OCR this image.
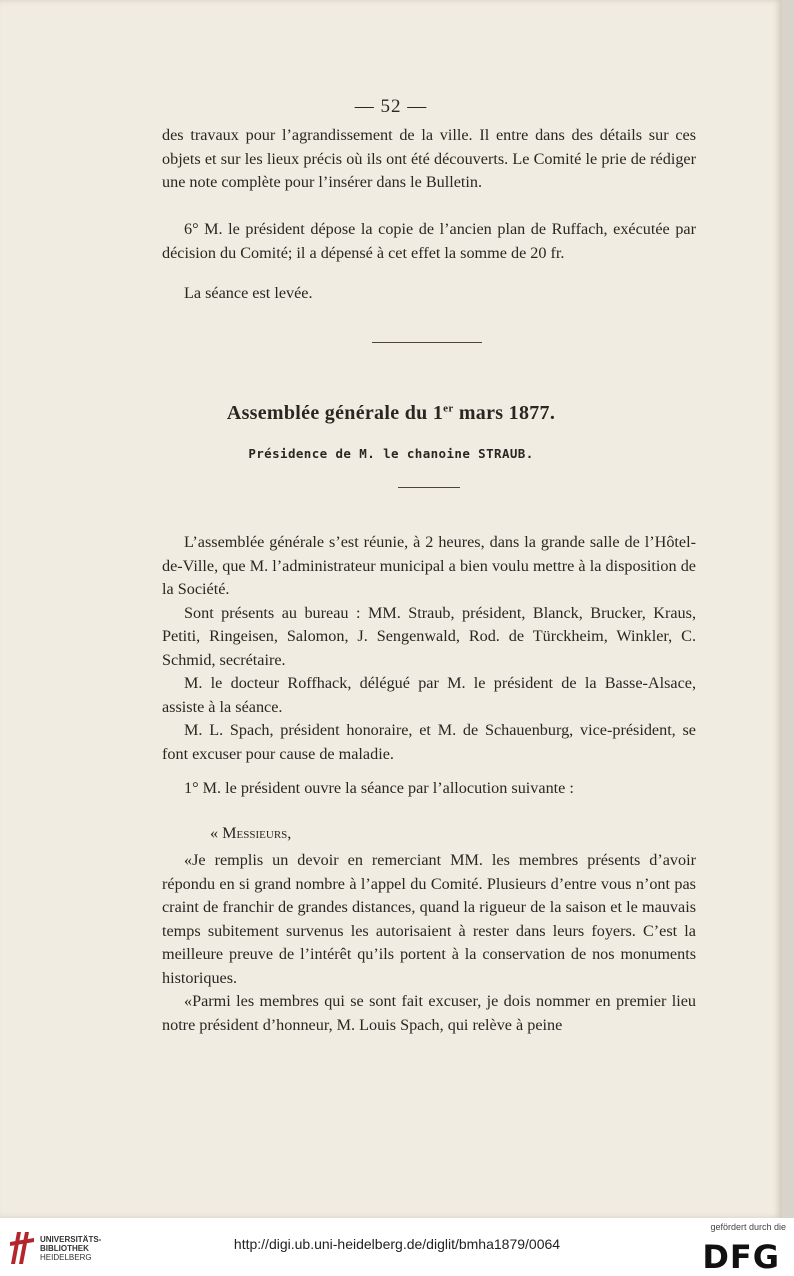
— 52 —

des travaux pour l’agrandissement de la ville. Il entre dans des détails sur ces objets et sur les lieux précis où ils ont été découverts. Le Comité le prie de rédiger une note complète pour l’insérer dans le Bulletin.

6° M. le président dépose la copie de l’ancien plan de Ruffach, exécutée par décision du Comité; il a dépensé à cet effet la somme de 20 fr.

La séance est levée.

Assemblée générale du 1er mars 1877.
Présidence de M. le chanoine STRAUB.

L’assemblée générale s’est réunie, à 2 heures, dans la grande salle de l’Hôtel-de-Ville, que M. l’administrateur municipal a bien voulu mettre à la disposition de la Société.

Sont présents au bureau : MM. Straub, président, Blanck, Brucker, Kraus, Petiti, Ringeisen, Salomon, J. Sengenwald, Rod. de Türckheim, Winkler, C. Schmid, secrétaire.

M. le docteur Roffhack, délégué par M. le président de la Basse-Alsace, assiste à la séance.

M. L. Spach, président honoraire, et M. de Schauenburg, vice-président, se font excuser pour cause de maladie.

1° M. le président ouvre la séance par l’allocution suivante :

« Messieurs,

«Je remplis un devoir en remerciant MM. les membres présents d’avoir répondu en si grand nombre à l’appel du Comité. Plusieurs d’entre vous n’ont pas craint de franchir de grandes distances, quand la rigueur de la saison et le mauvais temps subitement survenus les autorisaient à rester dans leurs foyers. C’est la meilleure preuve de l’intérêt qu’ils portent à la conservation de nos monuments historiques.

«Parmi les membres qui se sont fait excuser, je dois nommer en premier lieu notre président d’honneur, M. Louis Spach, qui relève à peine

UNIVERSITÄTS-
BIBLIOTHEK
HEIDELBERG
http://digi.ub.uni-heidelberg.de/diglit/bmha1879/0064
gefördert durch die
DFG
